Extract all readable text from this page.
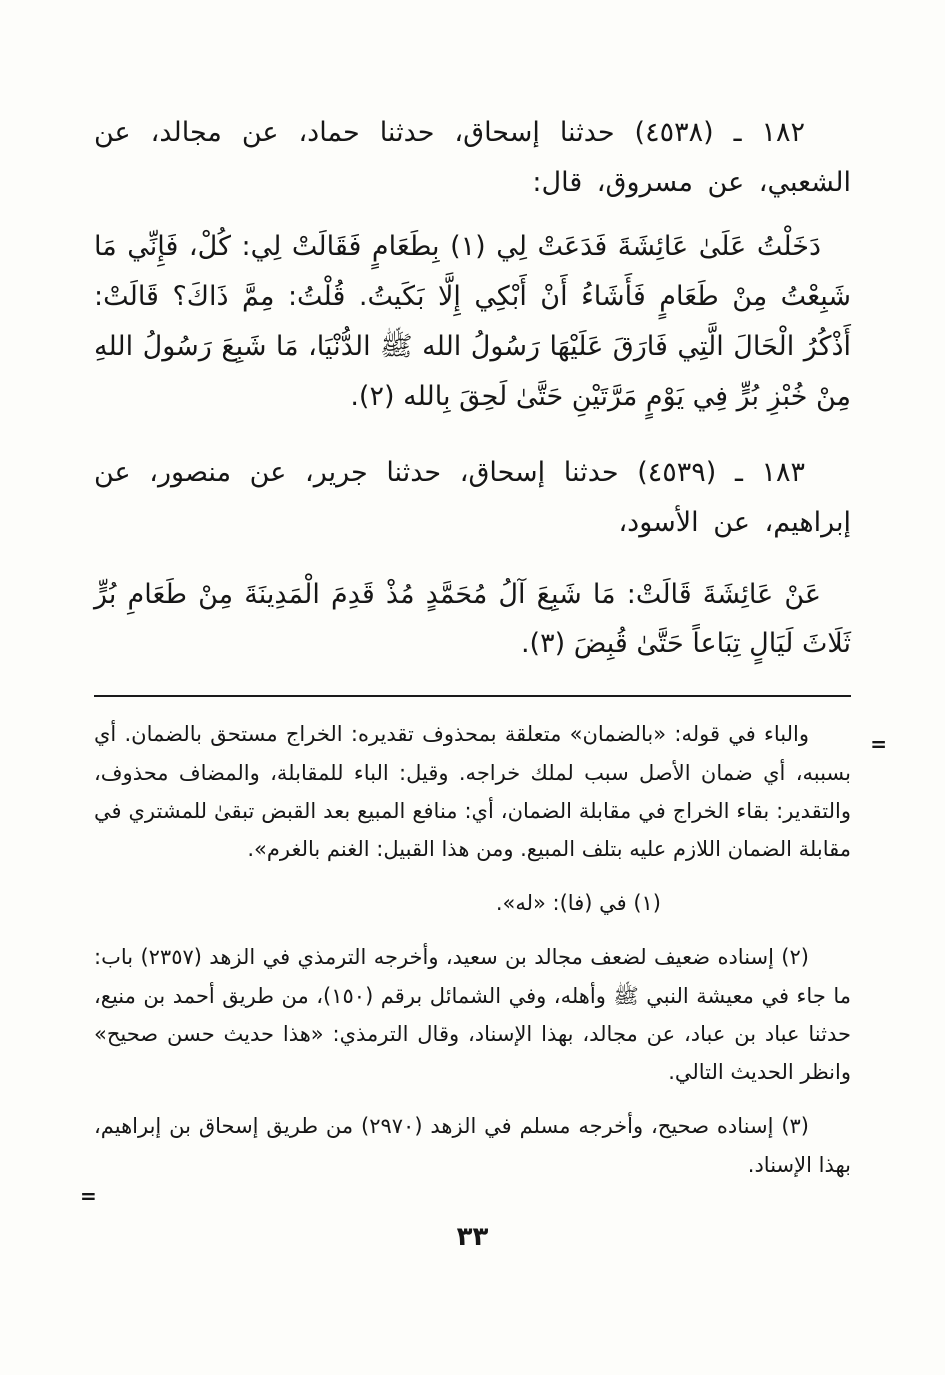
١٨٢ ـ (٤٥٣٨) حدثنا إسحاق، حدثنا حماد، عن مجالد، عن الشعبي، عن مسروق، قال:

دَخَلْتُ عَلَىٰ عَائِشَةَ فَدَعَتْ لِي (١) بِطَعَامٍ فَقَالَتْ لِي: كُلْ، فَإِنِّي مَا شَبِعْتُ مِنْ طَعَامٍ فَأَشَاءُ أَنْ أَبْكِي إِلَّا بَكَيتُ. قُلْتُ: مِمَّ ذَاكَ؟ قَالَتْ: أَذْكُرُ الْحَالَ الَّتِي فَارَقَ عَلَيْهَا رَسُولُ الله ﷺ الدُّنْيَا، مَا شَبِعَ رَسُولُ اللهِ مِنْ خُبْزِ بُرٍّ فِي يَوْمٍ مَرَّتَيْنِ حَتَّىٰ لَحِقَ بِالله (٢).

١٨٣ ـ (٤٥٣٩) حدثنا إسحاق، حدثنا جرير، عن منصور، عن إبراهيم، عن الأسود،

عَنْ عَائِشَةَ قَالَتْ: مَا شَبِعَ آلُ مُحَمَّدٍ مُذْ قَدِمَ الْمَدِينَةَ مِنْ طَعَامِ بُرٍّ ثَلَاثَ لَيَالٍ تِبَاعاً حَتَّىٰ قُبِضَ (٣).

=

والباء في قوله: «بالضمان» متعلقة بمحذوف تقديره: الخراج مستحق بالضمان. أي بسببه، أي ضمان الأصل سبب لملك خراجه. وقيل: الباء للمقابلة، والمضاف محذوف، والتقدير: بقاء الخراج في مقابلة الضمان، أي: منافع المبيع بعد القبض تبقىٰ للمشتري في مقابلة الضمان اللازم عليه بتلف المبيع. ومن هذا القبيل: الغنم بالغرم».

(١) في (فا): «له».

(٢) إسناده ضعيف لضعف مجالد بن سعيد، وأخرجه الترمذي في الزهد (٢٣٥٧) باب: ما جاء في معيشة النبي ﷺ وأهله، وفي الشمائل برقم (١٥٠)، من طريق أحمد بن منيع، حدثنا عباد بن عباد، عن مجالد، بهذا الإسناد، وقال الترمذي: «هذا حديث حسن صحيح» وانظر الحديث التالي.

(٣) إسناده صحيح، وأخرجه مسلم في الزهد (٢٩٧٠) من طريق إسحاق بن إبراهيم، بهذا الإسناد.

=
٣٣
